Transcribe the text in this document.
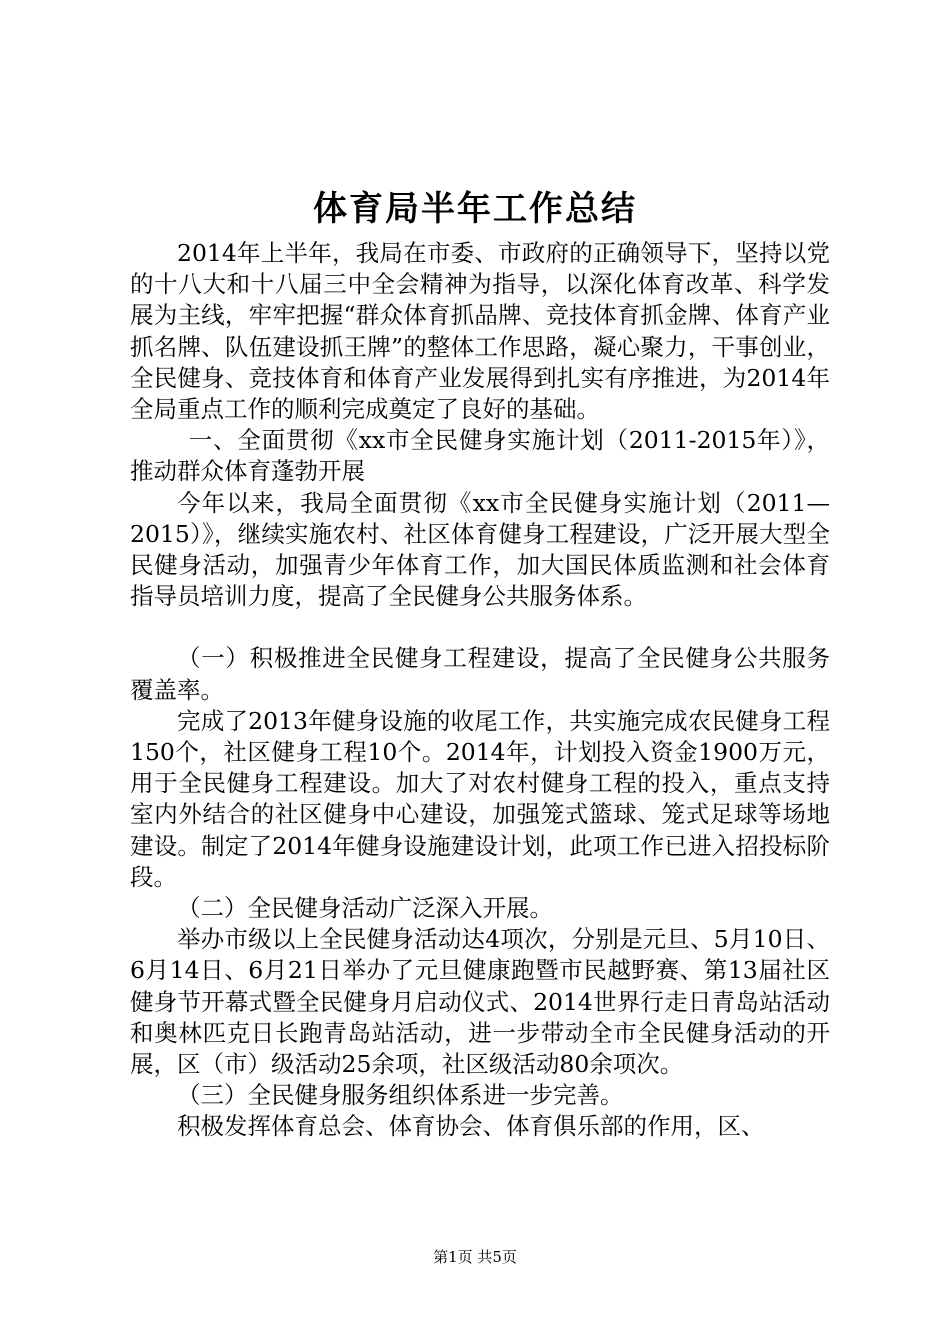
体育局半年工作总结

2014年上半年，我局在市委、市政府的正确领导下，坚持以党的十八大和十八届三中全会精神为指导，以深化体育改革、科学发展为主线，牢牢把握“群众体育抓品牌、竞技体育抓金牌、体育产业抓名牌、队伍建设抓王牌”的整体工作思路，凝心聚力，干事创业，全民健身、竞技体育和体育产业发展得到扎实有序推进，为2014年全局重点工作的顺利完成奠定了良好的基础。

一、全面贯彻《xx市全民健身实施计划（2011-2015年）》，推动群众体育蓬勃开展

今年以来，我局全面贯彻《xx市全民健身实施计划（2011—2015）》，继续实施农村、社区体育健身工程建设，广泛开展大型全民健身活动，加强青少年体育工作，加大国民体质监测和社会体育指导员培训力度，提高了全民健身公共服务体系。

（一）积极推进全民健身工程建设，提高了全民健身公共服务覆盖率。

完成了2013年健身设施的收尾工作，共实施完成农民健身工程150个，社区健身工程10个。2014年，计划投入资金1900万元，用于全民健身工程建设。加大了对农村健身工程的投入，重点支持室内外结合的社区健身中心建设，加强笼式篮球、笼式足球等场地建设。制定了2014年健身设施建设计划，此项工作已进入招投标阶段。

（二）全民健身活动广泛深入开展。

举办市级以上全民健身活动达4项次，分别是元旦、5月10日、6月14日、6月21日举办了元旦健康跑暨市民越野赛、第13届社区健身节开幕式暨全民健身月启动仪式、2014世界行走日青岛站活动和奥林匹克日长跑青岛站活动，进一步带动全市全民健身活动的开展，区（市）级活动25余项，社区级活动80余项次。

（三）全民健身服务组织体系进一步完善。

积极发挥体育总会、体育协会、体育俱乐部的作用，区、

第1页 共5页
